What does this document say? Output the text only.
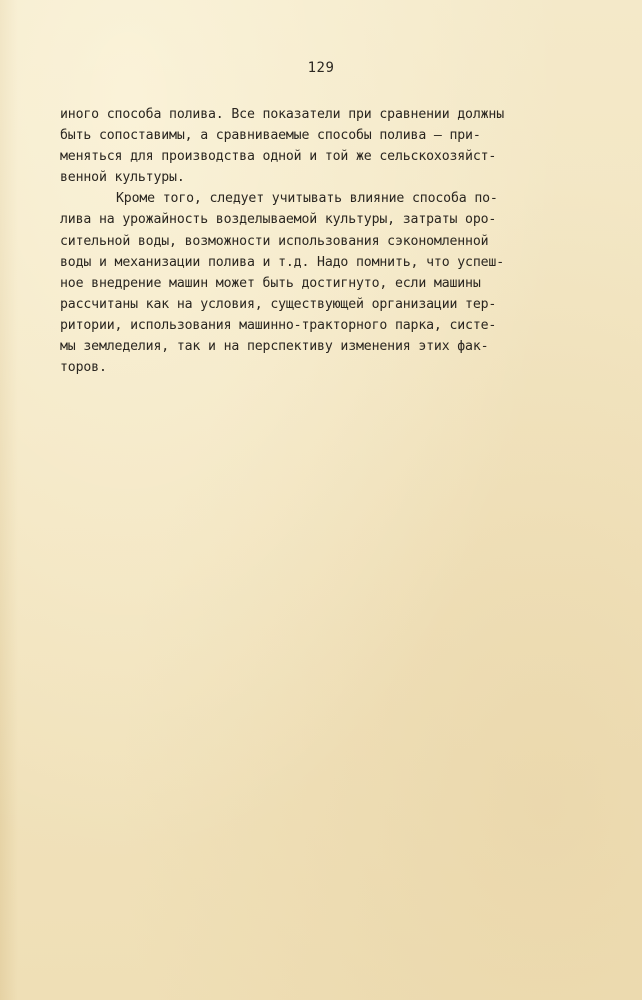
129
иного способа полива. Все показатели при сравнении должны
быть сопоставимы, а сравниваемые способы полива – при-
меняться для производства одной и той же сельскохозяйст-
венной культуры.
Кроме того, следует учитывать влияние способа по-
лива на урожайность возделываемой культуры, затраты оро-
сительной воды, возможности использования сэкономленной
воды и механизации полива и т.д. Надо помнить, что успеш-
ное внедрение машин может быть достигнуто, если машины
рассчитаны как на условия, существующей организации тер-
ритории, использования машинно-тракторного парка, систе-
мы земледелия, так и на перспективу изменения этих фак-
торов.
